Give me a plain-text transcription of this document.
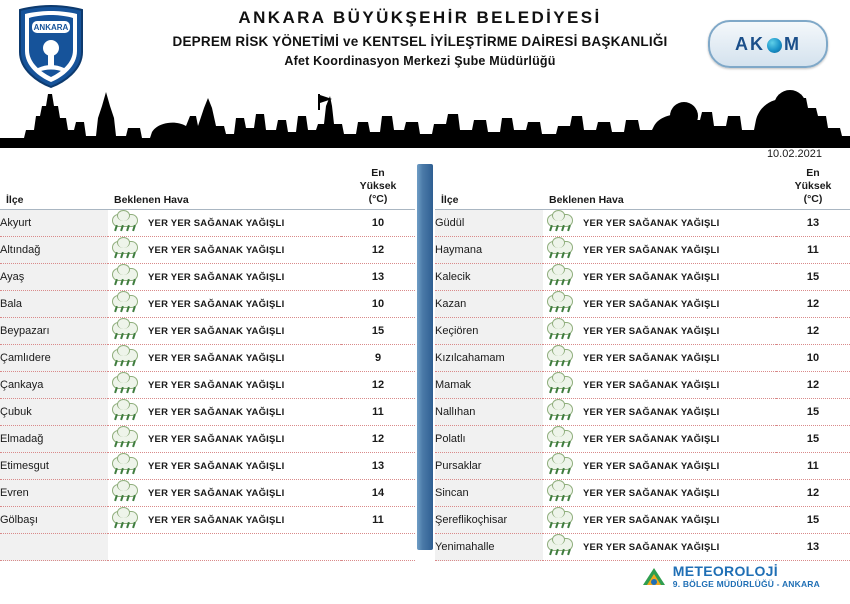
ANKARA
ANKARA BÜYÜKŞEHİR BELEDİYESİ
DEPREM RİSK YÖNETİMİ ve KENTSEL İYİLEŞTİRME DAİRESİ BAŞKANLIĞI
Afet Koordinasyon Merkezi Şube Müdürlüğü
AK M
10.02.2021
İlçe	Beklenen Hava	En
Yüksek
(°C)

Akyurt	YER YER SAĞANAK YAĞIŞLI	10
Altındağ	YER YER SAĞANAK YAĞIŞLI	12
Ayaş	YER YER SAĞANAK YAĞIŞLI	13
Bala	YER YER SAĞANAK YAĞIŞLI	10
Beypazarı	YER YER SAĞANAK YAĞIŞLI	15
Çamlıdere	YER YER SAĞANAK YAĞIŞLI	9
Çankaya	YER YER SAĞANAK YAĞIŞLI	12
Çubuk	YER YER SAĞANAK YAĞIŞLI	11
Elmadağ	YER YER SAĞANAK YAĞIŞLI	12
Etimesgut	YER YER SAĞANAK YAĞIŞLI	13
Evren	YER YER SAĞANAK YAĞIŞLI	14
Gölbaşı	YER YER SAĞANAK YAĞIŞLI	11

İlçe	Beklenen Hava	En
Yüksek
(°C)

Güdül	YER YER SAĞANAK YAĞIŞLI	13
Haymana	YER YER SAĞANAK YAĞIŞLI	11
Kalecik	YER YER SAĞANAK YAĞIŞLI	15
Kazan	YER YER SAĞANAK YAĞIŞLI	12
Keçiören	YER YER SAĞANAK YAĞIŞLI	12
Kızılcahamam	YER YER SAĞANAK YAĞIŞLI	10
Mamak	YER YER SAĞANAK YAĞIŞLI	12
Nallıhan	YER YER SAĞANAK YAĞIŞLI	15
Polatlı	YER YER SAĞANAK YAĞIŞLI	15
Pursaklar	YER YER SAĞANAK YAĞIŞLI	11
Sincan	YER YER SAĞANAK YAĞIŞLI	12
Şereflikoçhisar	YER YER SAĞANAK YAĞIŞLI	15
Yenimahalle	YER YER SAĞANAK YAĞIŞLI	13
METEOROLOJİ
9. BÖLGE MÜDÜRLÜĞÜ - ANKARA
